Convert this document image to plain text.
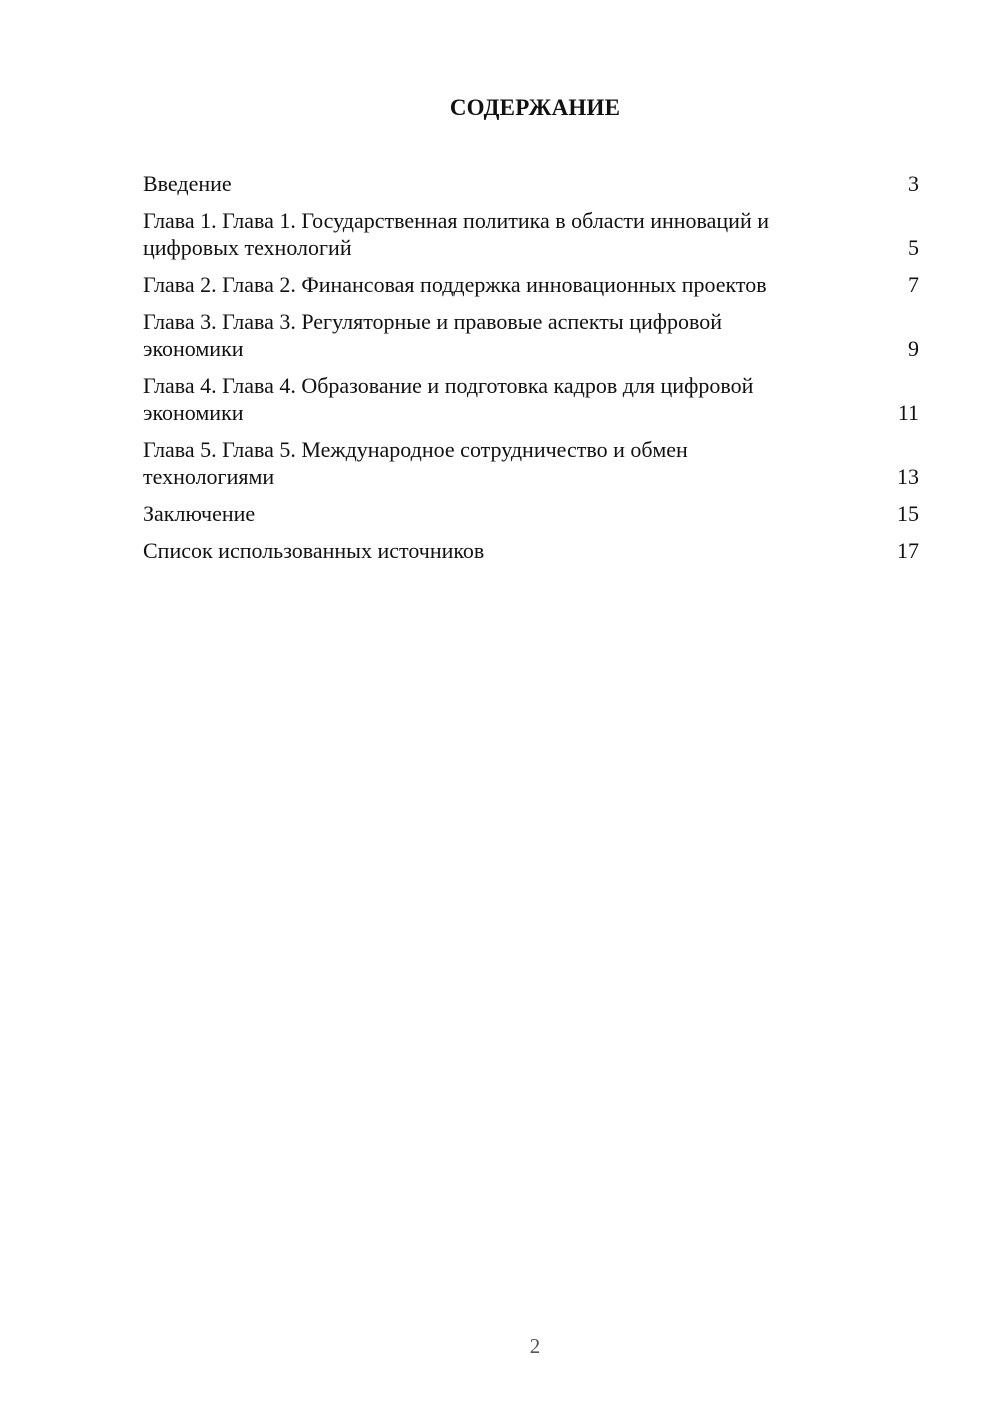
СОДЕРЖАНИЕ
Введение	3
Глава 1. Глава 1. Государственная политика в области инноваций и цифровых технологий	5
Глава 2. Глава 2. Финансовая поддержка инновационных проектов	7
Глава 3. Глава 3. Регуляторные и правовые аспекты цифровой экономики	9
Глава 4. Глава 4. Образование и подготовка кадров для цифровой экономики	11
Глава 5. Глава 5. Международное сотрудничество и обмен технологиями	13
Заключение	15
Список использованных источников	17
2
